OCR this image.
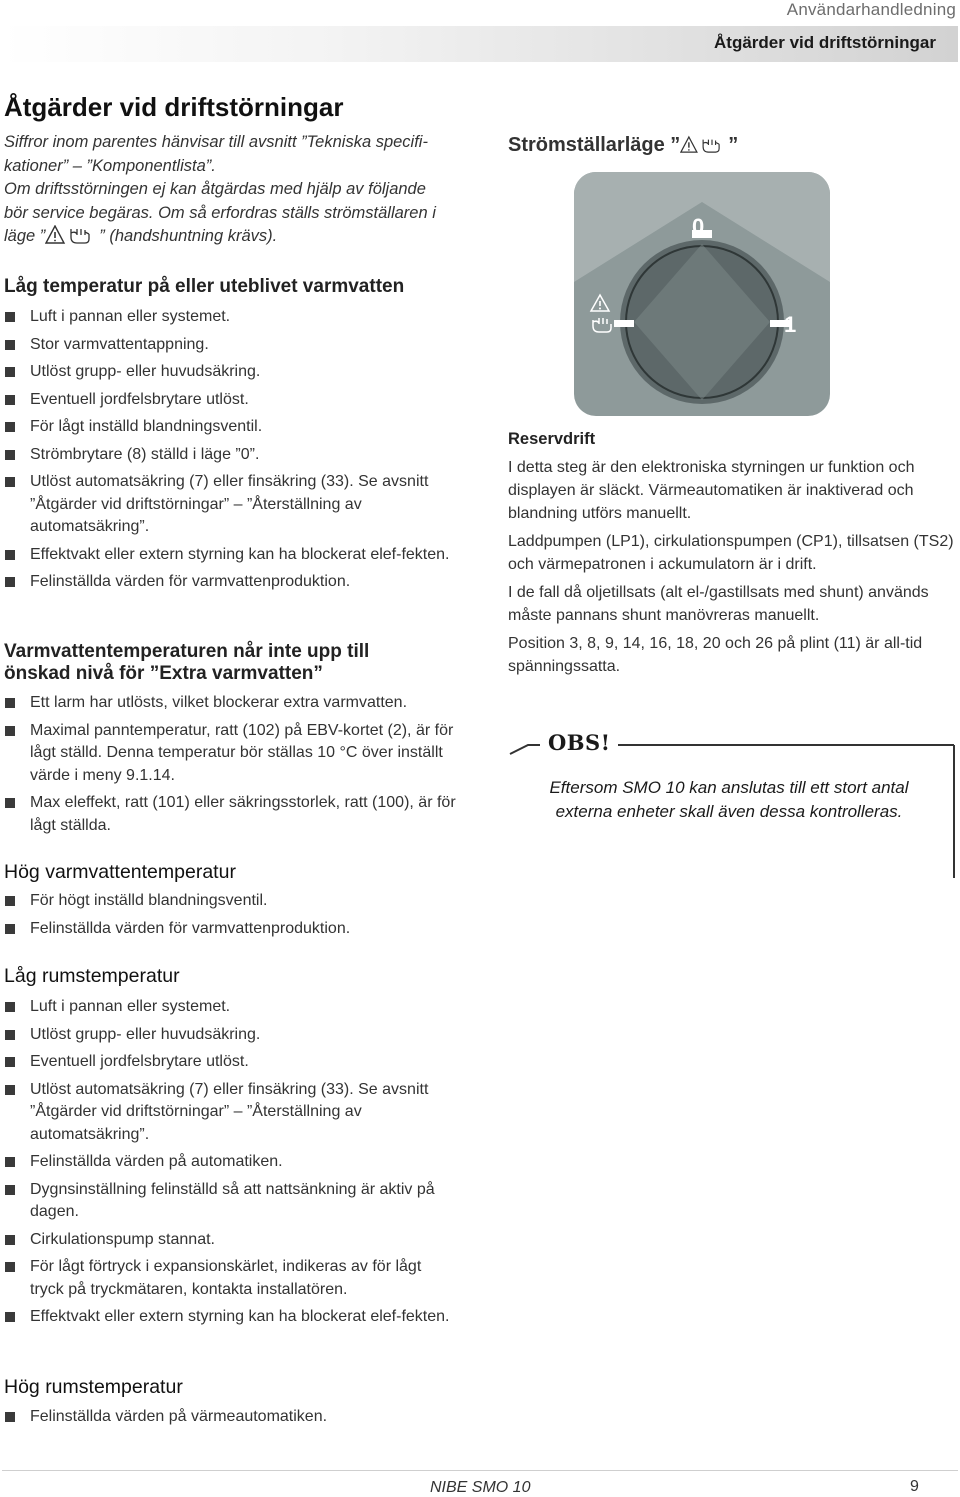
Användarhandledning
Åtgärder vid driftstörningar
Åtgärder vid driftstörningar

Siffror inom parentes hänvisar till avsnitt ”Tekniska specifi-kationer” – ”Komponentlista”.

Om driftsstörningen ej kan åtgärdas med hjälp av följande bör service begäras. Om så erfordras ställs strömställaren i

läge ”	” (handshuntning krävs).

Låg temperatur på eller uteblivet varmvatten
Luft i pannan eller systemet.
Stor varmvattentappning.
Utlöst grupp- eller huvudsäkring.
Eventuell jordfelsbrytare utlöst.
För lågt inställd blandningsventil.
Strömbrytare (8) ställd i läge ”0”.
Utlöst automatsäkring (7) eller finsäkring (33). Se avsnitt ”Åtgärder vid driftstörningar” – ”Återställning av automatsäkring”.
Effektvakt eller extern styrning kan ha blockerat elef-fekten.
Felinställda värden för varmvattenproduktion.
Varmvattentemperaturen når inte upp till
önskad nivå för ”Extra varmvatten”
Ett larm har utlösts, vilket blockerar extra varmvatten.
Maximal panntemperatur, ratt (102) på EBV-kortet (2), är för lågt ställd. Denna temperatur bör ställas 10 °C över inställt värde i meny 9.1.14.
Max eleffekt, ratt (101) eller säkringsstorlek, ratt (100), är för lågt ställda.
Hög varmvattentemperatur
För högt inställd blandningsventil.
Felinställda värden för varmvattenproduktion.
Låg rumstemperatur
Luft i pannan eller systemet.
Utlöst grupp- eller huvudsäkring.
Eventuell jordfelsbrytare utlöst.
Utlöst automatsäkring (7) eller finsäkring (33). Se avsnitt ”Åtgärder vid driftstörningar” – ”Återställning av automatsäkring”.
Felinställda värden på automatiken.
Dygnsinställning felinställd så att nattsänkning är aktiv på dagen.
Cirkulationspump stannat.
För lågt förtryck i expansionskärlet, indikeras av för lågt tryck på tryckmätaren, kontakta installatören.
Effektvakt eller extern styrning kan ha blockerat elef-fekten.
Hög rumstemperatur
Felinställda värden på värmeautomatiken.
Strömställarläge ” ”
0
1
Reservdrift

I detta steg är den elektroniska styrningen ur funktion och displayen är släckt. Värmeautomatiken är inaktiverad och blandning utförs manuellt.

Laddpumpen (LP1), cirkulationspumpen (CP1), tillsatsen (TS2) och värmepatronen i ackumulatorn är i drift.

I de fall då oljetillsats (alt el-/gastillsats med shunt) används måste pannans shunt manövreras manuellt.

Position 3, 8, 9, 14, 16, 18, 20 och 26 på plint (11) är all-tid spänningssatta.

OBS!
Eftersom SMO 10 kan anslutas till ett stort antal externa enheter skall även dessa kontrolleras.
NIBE SMO 10	9
